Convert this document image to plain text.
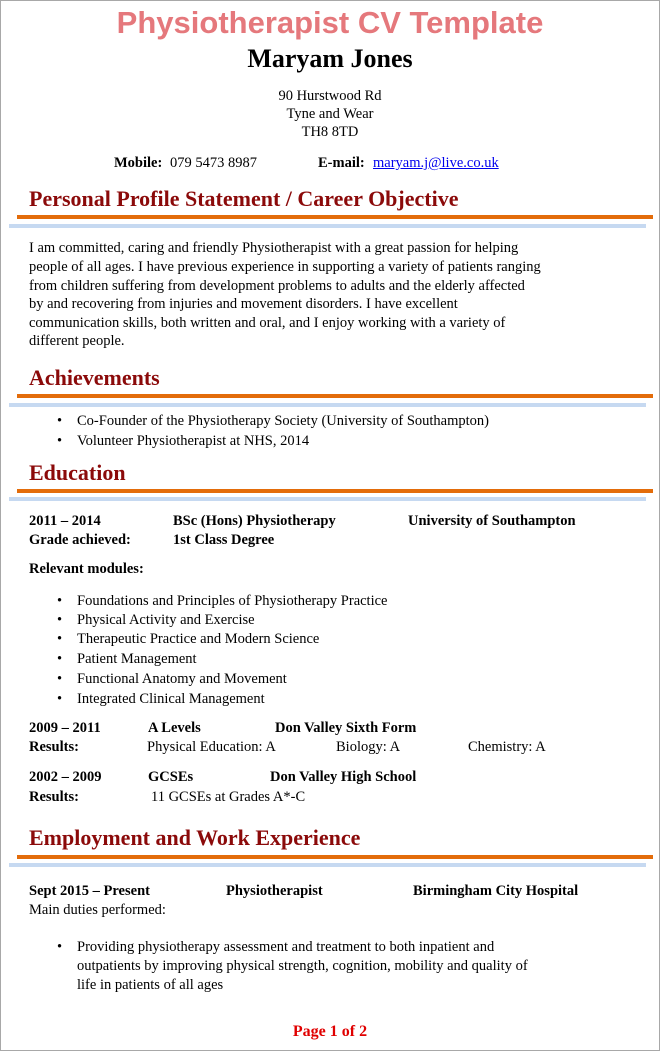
Physiotherapist CV Template
Maryam Jones
90 Hurstwood Rd
Tyne and Wear
TH8 8TD
Mobile: 079 5473 8987	E-mail: maryam.j@live.co.uk
Personal Profile Statement / Career Objective
I am committed, caring and friendly Physiotherapist with a great passion for helping
people of all ages. I have previous experience in supporting a variety of patients ranging
from children suffering from development problems to adults and the elderly affected
by and recovering from injuries and movement disorders. I have excellent
communication skills, both written and oral, and I enjoy working with a variety of
different people.
Achievements
• Co-Founder of the Physiotherapy Society (University of Southampton)
• Volunteer Physiotherapist at NHS, 2014
Education
2011 – 2014	BSc (Hons) Physiotherapy	University of Southampton
Grade achieved:	1st Class Degree
Relevant modules:
• Foundations and Principles of Physiotherapy Practice
• Physical Activity and Exercise
• Therapeutic Practice and Modern Science
• Patient Management
• Functional Anatomy and Movement
• Integrated Clinical Management
2009 – 2011	A Levels	Don Valley Sixth Form
Results:	Physical Education: A	Biology: A	Chemistry: A
2002 – 2009	GCSEs	Don Valley High School
Results:	11 GCSEs at Grades A*-C
Employment and Work Experience
Sept 2015 – Present	Physiotherapist	Birmingham City Hospital
Main duties performed:
• Providing physiotherapy assessment and treatment to both inpatient and
outpatients by improving physical strength, cognition, mobility and quality of
life in patients of all ages
Page 1 of 2
